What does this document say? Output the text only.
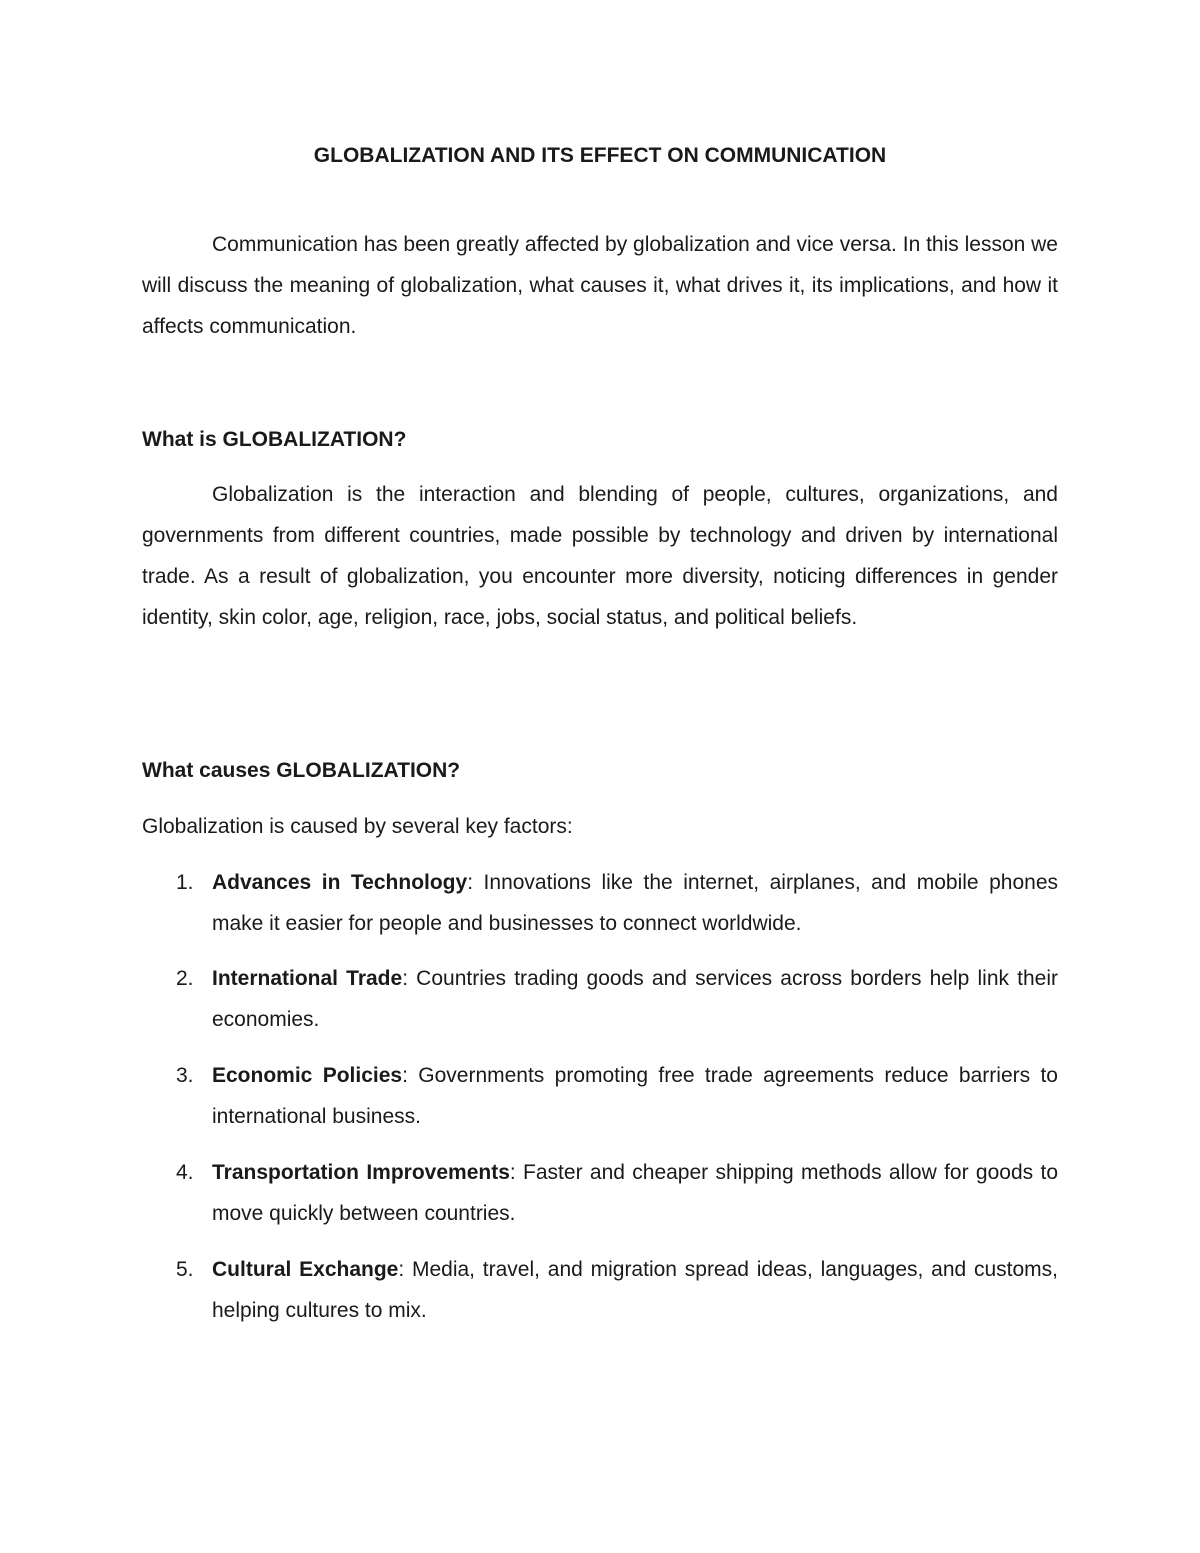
GLOBALIZATION AND ITS EFFECT ON COMMUNICATION

Communication has been greatly affected by globalization and vice versa. In this lesson we will discuss the meaning of globalization, what causes it, what drives it, its implications, and how it affects communication.

What is GLOBALIZATION?

Globalization is the interaction and blending of people, cultures, organizations, and governments from different countries, made possible by technology and driven by international trade. As a result of globalization, you encounter more diversity, noticing differences in gender identity, skin color, age, religion, race, jobs, social status, and political beliefs.

What causes GLOBALIZATION?

Globalization is caused by several key factors:

1. Advances in Technology: Innovations like the internet, airplanes, and mobile phones make it easier for people and businesses to connect worldwide.
2. International Trade: Countries trading goods and services across borders help link their economies.
3. Economic Policies: Governments promoting free trade agreements reduce barriers to international business.
4. Transportation Improvements: Faster and cheaper shipping methods allow for goods to move quickly between countries.
5. Cultural Exchange: Media, travel, and migration spread ideas, languages, and customs, helping cultures to mix.
